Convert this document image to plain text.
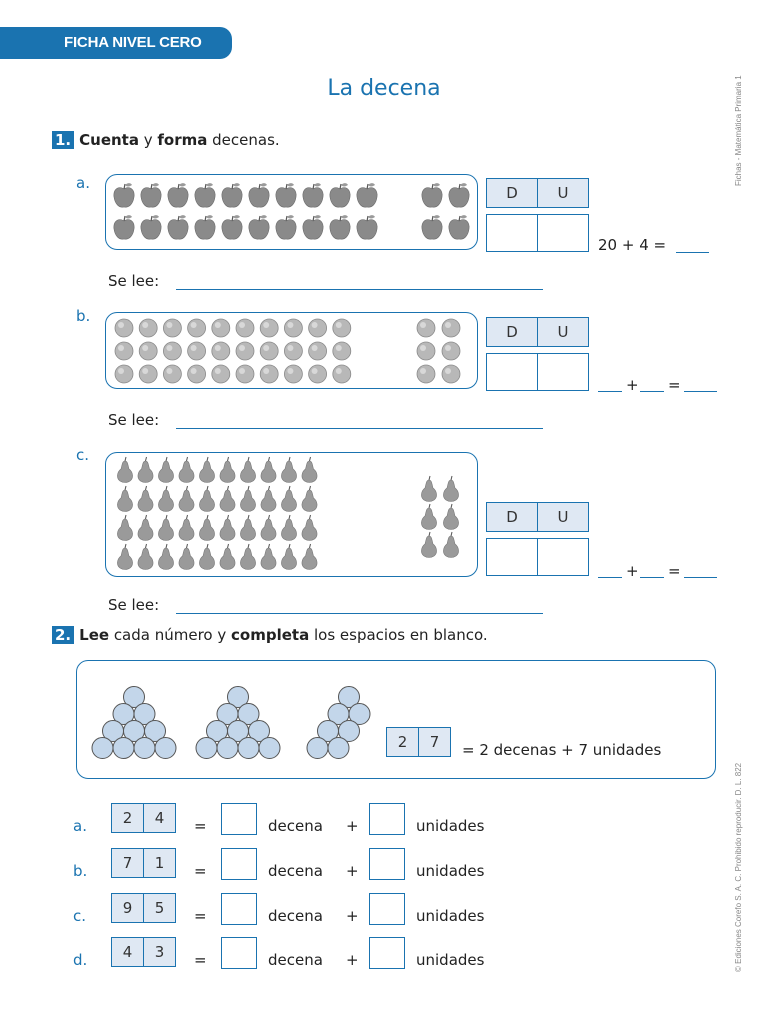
FICHA NIVEL CERO
La decena	Fichas - Matemática Primaria 1
© Ediciones Corefo S. A. C. Prohibido reproducir. D. L. 822
1. Cuenta y forma decenas.
a.
D	U
20 + 4 =
Se lee:
b.
D	U
+ =
Se lee:
c.
D	U
+ =
Se lee:
2. Lee cada número y completa los espacios en blanco.
2	7	= 2 decenas + 7 unidades
a.	2	4	=	decena +	unidades
b.	7	1	=	decena +	unidades
c.	9	5	=	decena +	unidades
d.	4	3	=	decena +	unidades
